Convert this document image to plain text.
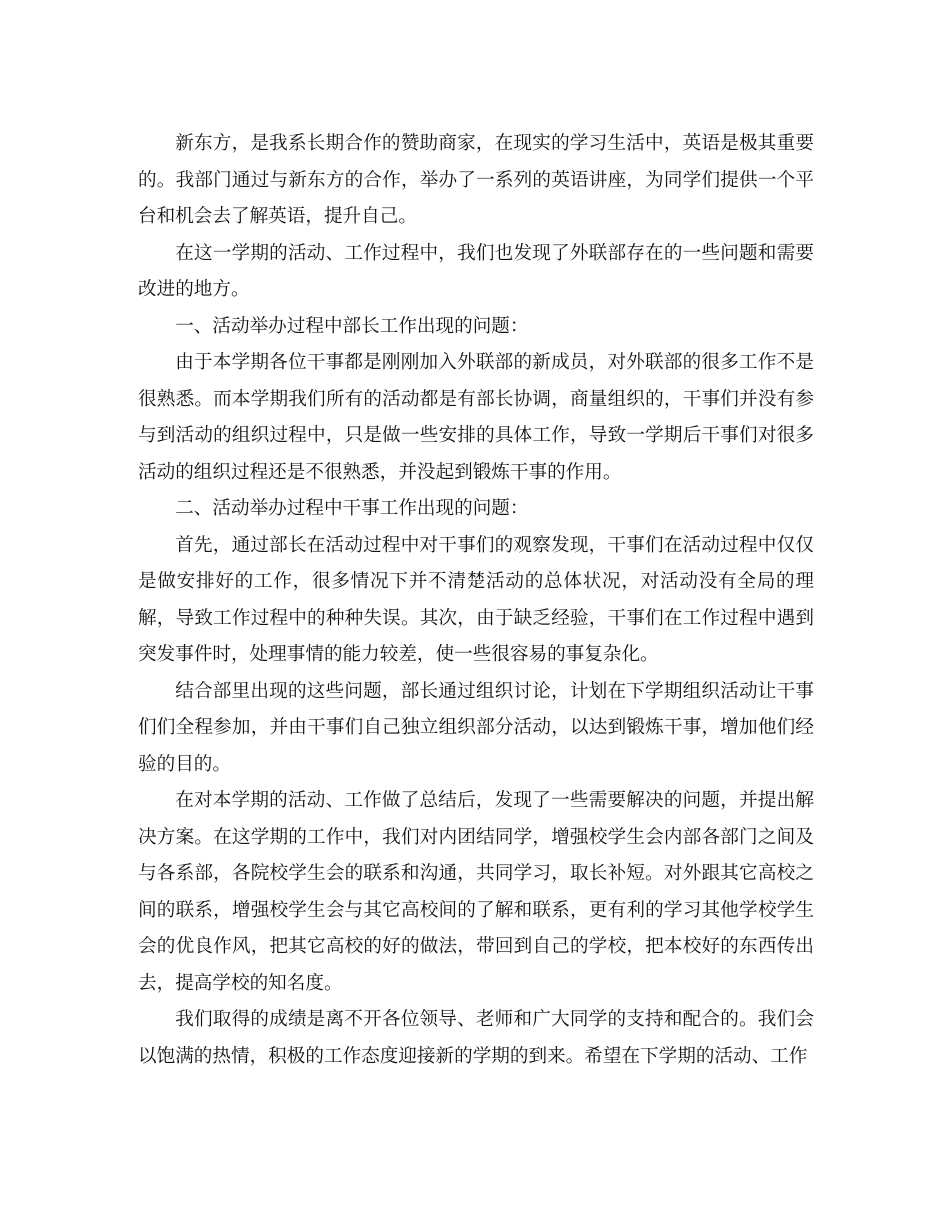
新东方，是我系长期合作的赞助商家，在现实的学习生活中，英语是极其重要的。我部门通过与新东方的合作，举办了一系列的英语讲座，为同学们提供一个平台和机会去了解英语，提升自己。

在这一学期的活动、工作过程中，我们也发现了外联部存在的一些问题和需要改进的地方。

一、活动举办过程中部长工作出现的问题：

由于本学期各位干事都是刚刚加入外联部的新成员，对外联部的很多工作不是很熟悉。而本学期我们所有的活动都是有部长协调，商量组织的，干事们并没有参与到活动的组织过程中，只是做一些安排的具体工作，导致一学期后干事们对很多活动的组织过程还是不很熟悉，并没起到锻炼干事的作用。

二、活动举办过程中干事工作出现的问题：

首先，通过部长在活动过程中对干事们的观察发现，干事们在活动过程中仅仅是做安排好的工作，很多情况下并不清楚活动的总体状况，对活动没有全局的理解，导致工作过程中的种种失误。其次，由于缺乏经验，干事们在工作过程中遇到突发事件时，处理事情的能力较差，使一些很容易的事复杂化。

结合部里出现的这些问题，部长通过组织讨论，计划在下学期组织活动让干事们们全程参加，并由干事们自己独立组织部分活动，以达到锻炼干事，增加他们经验的目的。

在对本学期的活动、工作做了总结后，发现了一些需要解决的问题，并提出解决方案。在这学期的工作中，我们对内团结同学，增强校学生会内部各部门之间及与各系部，各院校学生会的联系和沟通，共同学习，取长补短。对外跟其它高校之间的联系，增强校学生会与其它高校间的了解和联系，更有利的学习其他学校学生会的优良作风，把其它高校的好的做法，带回到自己的学校，把本校好的东西传出去，提高学校的知名度。

我们取得的成绩是离不开各位领导、老师和广大同学的支持和配合的。我们会以饱满的热情，积极的工作态度迎接新的学期的到来。希望在下学期的活动、工作
